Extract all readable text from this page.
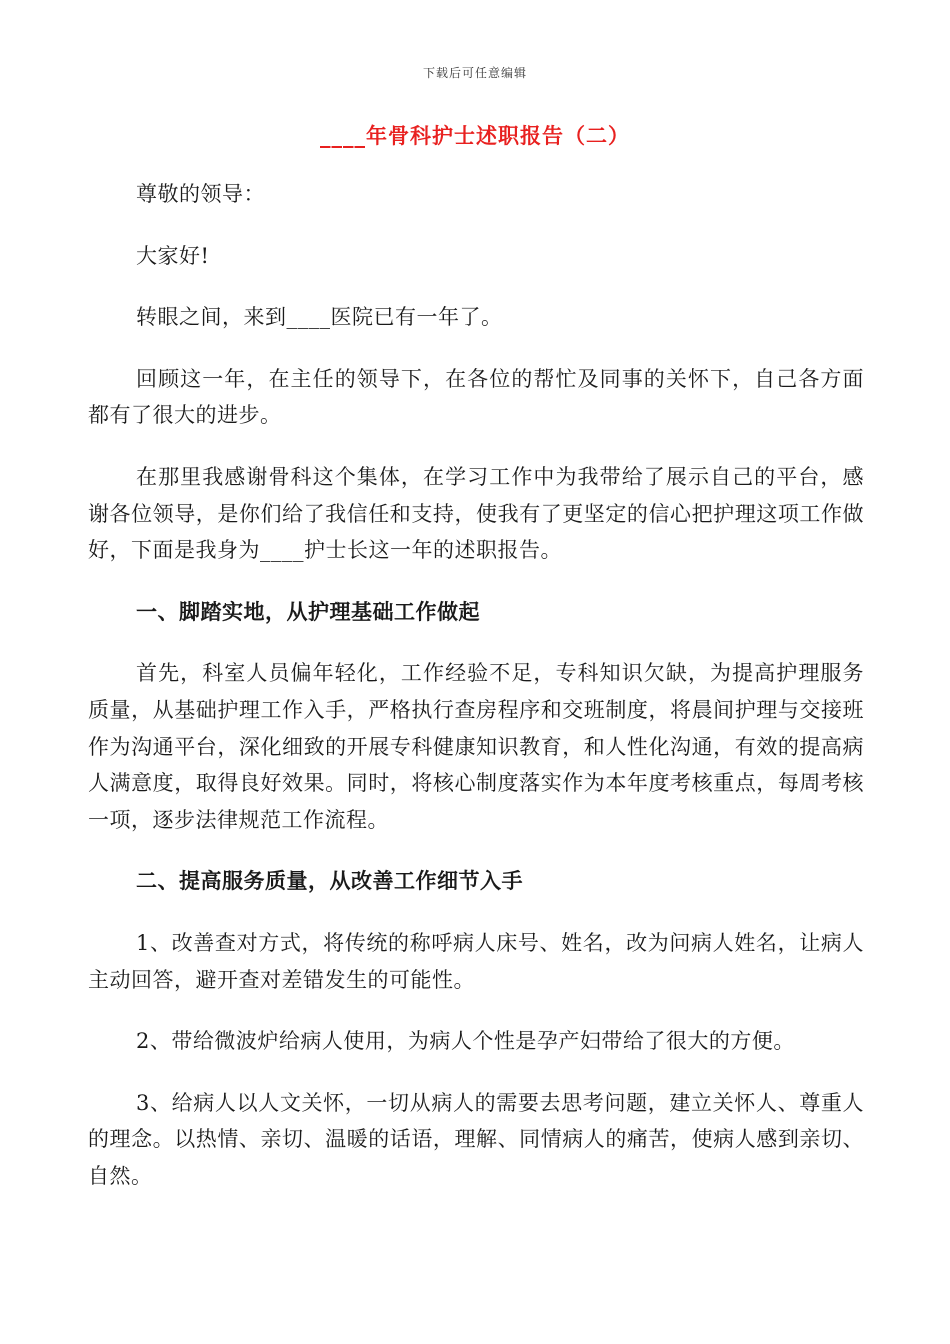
下载后可任意编辑
____年骨科护士述职报告（二）

尊敬的领导：

大家好!

转眼之间，来到____医院已有一年了。

回顾这一年，在主任的领导下，在各位的帮忙及同事的关怀下，自己各方面都有了很大的进步。

在那里我感谢骨科这个集体，在学习工作中为我带给了展示自己的平台，感谢各位领导，是你们给了我信任和支持，使我有了更坚定的信心把护理这项工作做好，下面是我身为____护士长这一年的述职报告。

一、脚踏实地，从护理基础工作做起

首先，科室人员偏年轻化，工作经验不足，专科知识欠缺，为提高护理服务质量，从基础护理工作入手，严格执行查房程序和交班制度，将晨间护理与交接班作为沟通平台，深化细致的开展专科健康知识教育，和人性化沟通，有效的提高病人满意度，取得良好效果。同时，将核心制度落实作为本年度考核重点，每周考核一项，逐步法律规范工作流程。

二、提高服务质量，从改善工作细节入手

1、改善查对方式，将传统的称呼病人床号、姓名，改为问病人姓名，让病人主动回答，避开查对差错发生的可能性。

2、带给微波炉给病人使用，为病人个性是孕产妇带给了很大的方便。

3、给病人以人文关怀，一切从病人的需要去思考问题，建立关怀人、尊重人的理念。以热情、亲切、温暖的话语，理解、同情病人的痛苦，使病人感到亲切、自然。
